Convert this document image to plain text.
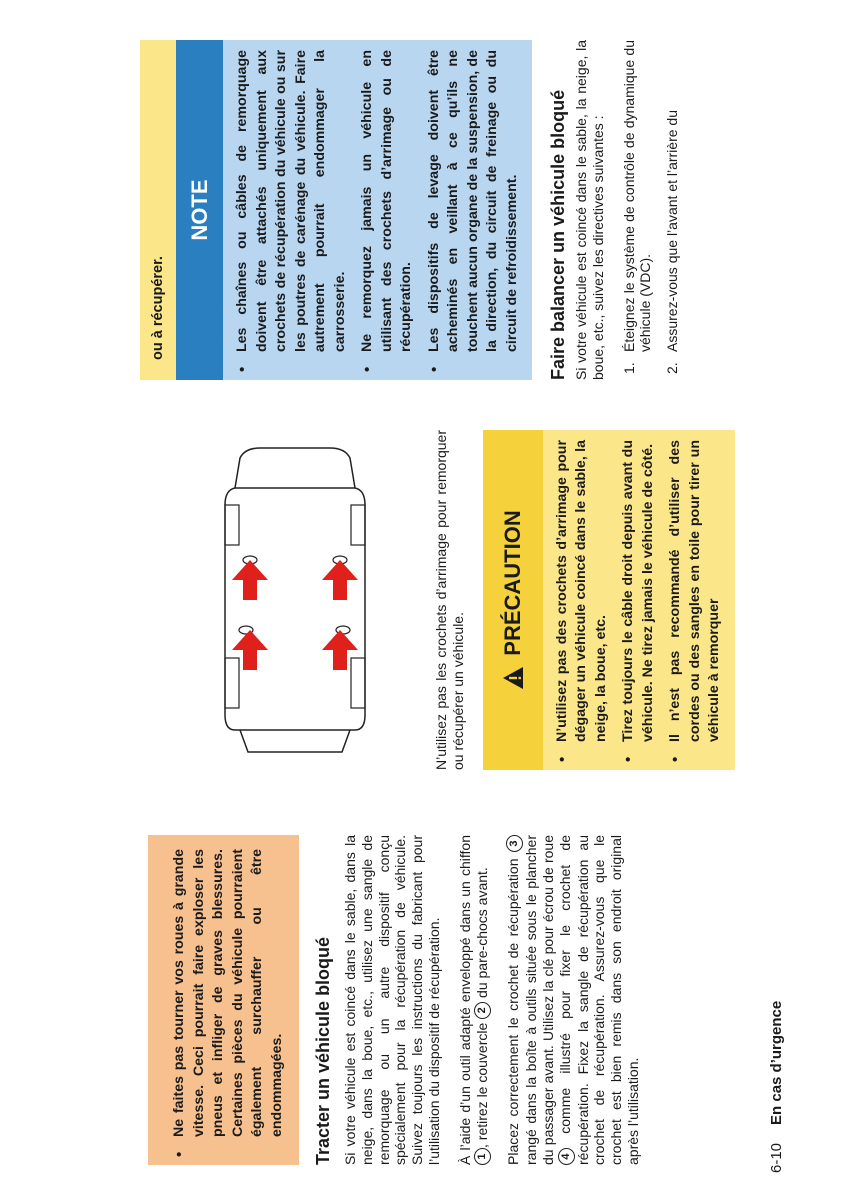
6-10En cas d’urgence
• Ne faites pas tourner vos roues à grande vitesse. Ceci pourrait faire exploser les pneus et infliger de graves blessures. Certaines pièces du véhicule pourraient également surchauffer ou être endommagées. Tracter un véhicule bloqué Si votre véhicule est coincé dans le sable, dans la neige, dans la boue, etc., utilisez une sangle de remorquage ou un autre dispositif conçu spécialement pour la récupération de véhicule. Suivez toujours les instructions du fabricant pour l’utilisation du dispositif de récupération. À l’aide d’un outil adapté enveloppé dans un chiffon 1, retirez le couvercle 2 du pare-chocs avant. Placez correctement le crochet de récupération 3 rangé dans la boîte à outils située sous le plancher du passager avant. Utilisez la clé pour écrou de roue 4 comme illustré pour fixer le crochet de récupération. Fixez la sangle de récupération au crochet de récupération. Assurez-vous que le crochet est bien remis dans son endroit original après l’utilisation.

N’utilisez pas les crochets d’arrimage pour remorquer ou récupérer un véhicule.

PRÉCAUTION • N’utilisez pas des crochets d’arrimage pour dégager un véhicule coincé dans le sable, la neige, la boue, etc. • Tirez toujours le câble droit depuis avant du véhicule. Ne tirez jamais le véhicule de côté. • Il n’est pas recommandé d’utiliser des cordes ou des sangles en toile pour tirer un véhicule à remorquer
ou à récupérer.
NOTE • Les chaînes ou câbles de remorquage doivent être attachés uniquement aux crochets de récupération du véhicule ou sur les poutres de carénage du véhicule. Faire autrement pourrait endommager la carrosserie. • Ne remorquez jamais un véhicule en utilisant des crochets d’arrimage ou de récupération. • Les dispositifs de levage doivent être acheminés en veillant à ce qu’ils ne touchent aucun organe de la suspension, de la direction, du circuit de freinage ou du circuit de refroidissement. Faire balancer un véhicule bloqué Si votre véhicule est coincé dans le sable, la neige, la boue, etc., suivez les directives suivantes : 1.
Éteignez le système de contrôle de dynamique du véhicule (VDC).
2.
Assurez-vous que l’avant et l’arrière du
